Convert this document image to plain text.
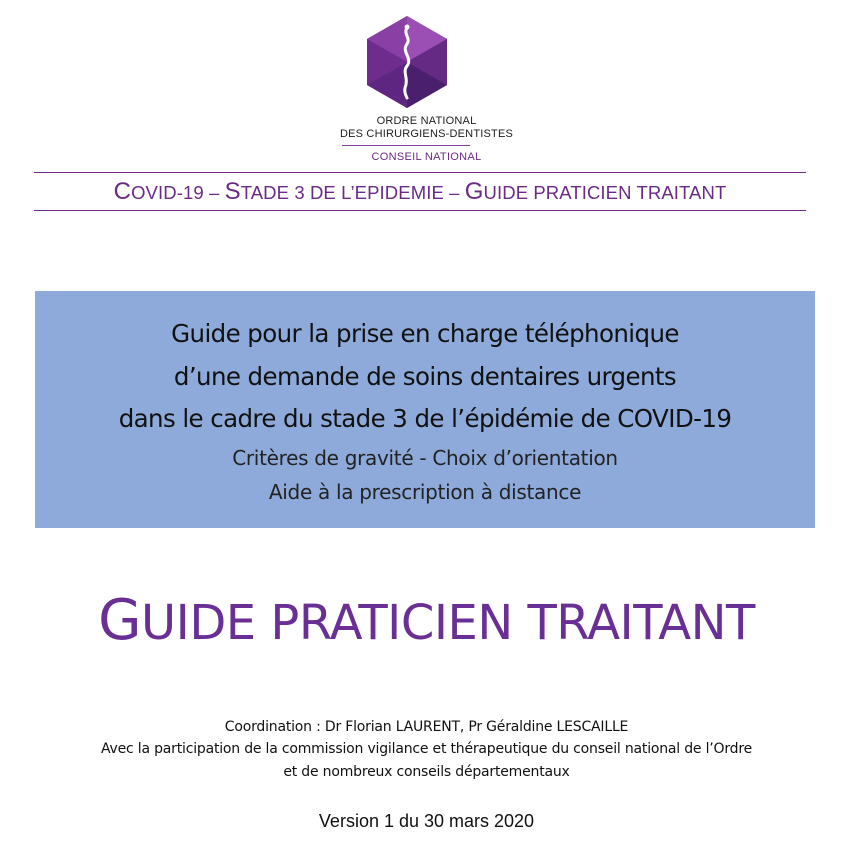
ORDRE NATIONAL
DES CHIRURGIENS-DENTISTES
CONSEIL NATIONAL
COVID-19 – STADE 3 DE L’EPIDEMIE – GUIDE PRATICIEN TRAITANT
Guide pour la prise en charge téléphonique
d’une demande de soins dentaires urgents
dans le cadre du stade 3 de l’épidémie de COVID-19
Critères de gravité - Choix d’orientation
Aide à la prescription à distance
GUIDE PRATICIEN TRAITANT
Coordination : Dr Florian LAURENT, Pr Géraldine LESCAILLE
Avec la participation de la commission vigilance et thérapeutique du conseil national de l’Ordre
et de nombreux conseils départementaux
Version 1 du 30 mars 2020
